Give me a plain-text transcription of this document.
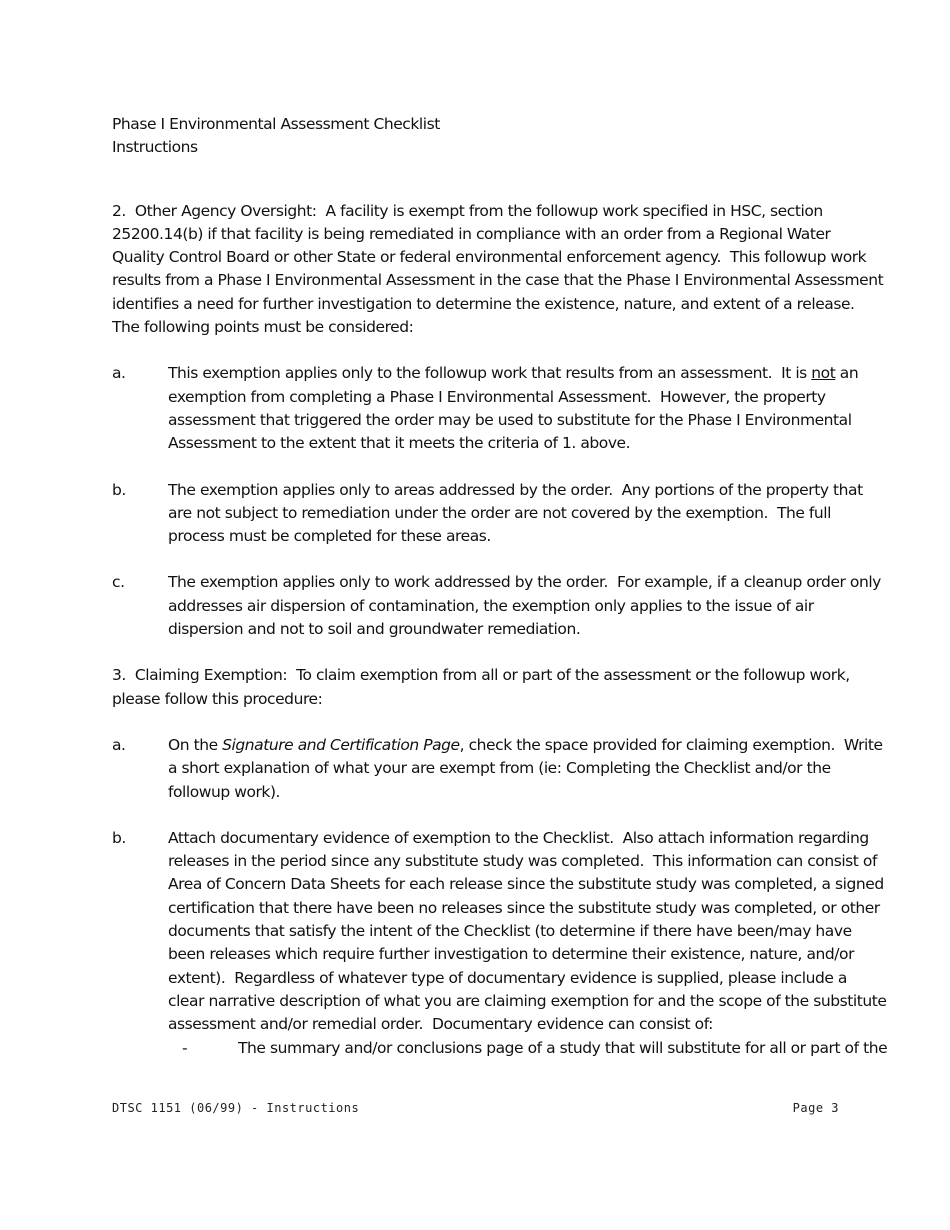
Phase I Environmental Assessment Checklist
Instructions

2.  Other Agency Oversight:  A facility is exempt from the followup work specified in HSC, section 25200.14(b) if that facility is being remediated in compliance with an order from a Regional Water Quality Control Board or other State or federal environmental enforcement agency.  This followup work results from a Phase I Environmental Assessment in the case that the Phase I Environmental Assessment identifies a need for further investigation to determine the existence, nature, and extent of a release.  The following points must be considered:

a.	This exemption applies only to the followup work that results from an assessment.  It is not an exemption from completing a Phase I Environmental Assessment.  However, the property assessment that triggered the order may be used to substitute for the Phase I Environmental Assessment to the extent that it meets the criteria of 1. above.
b.	The exemption applies only to areas addressed by the order.  Any portions of the property that are not subject to remediation under the order are not covered by the exemption.  The full process must be completed for these areas.
c.	The exemption applies only to work addressed by the order.  For example, if a cleanup order only addresses air dispersion of contamination, the exemption only applies to the issue of air dispersion and not to soil and groundwater remediation.

3.  Claiming Exemption:  To claim exemption from all or part of the assessment or the followup work, please follow this procedure:

a.	On the Signature and Certification Page, check the space provided for claiming exemption.  Write a short explanation of what your are exempt from (ie: Completing the Checklist and/or the followup work).
b.	Attach documentary evidence of exemption to the Checklist.  Also attach information regarding releases in the period since any substitute study was completed.  This information can consist of Area of Concern Data Sheets for each release since the substitute study was completed, a signed certification that there have been no releases since the substitute study was completed, or other documents that satisfy the intent of the Checklist (to determine if there have been/may have been releases which require further investigation to determine their existence, nature, and/or extent).  Regardless of whatever type of documentary evidence is supplied, please include a clear narrative description of what you are claiming exemption for and the scope of the substitute assessment and/or remedial order.  Documentary evidence can consist of:
-	The summary and/or conclusions page of a study that will substitute for all or part of the
DTSC 1151 (06/99) - Instructions	Page 3
